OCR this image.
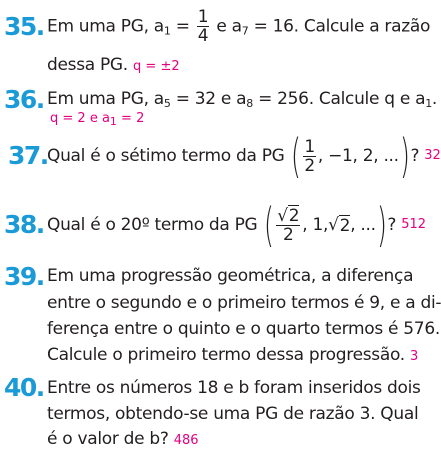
35. Em uma PG, $a_1 = \frac{1}{4}$ e $a_7 = 16$. Calcule a razão
dessa PG. q = ±2
36. Em uma PG, $a_5 = 32$ e $a_8 = 256$. Calcule q e $a_1$.
q = 2 e $a_1 = 2$
37. Qual é o sétimo termo da PG
( $\frac{1}{2}$ , −1, 2, ... ) ?
32
38. Qual é o 20º termo da PG
( $\frac{√2}{2}$ , 1, √ 2 , ... ) ?
512
39. Em uma progressão geométrica, a diferença
entre o segundo e o primeiro termos é 9, e a di-
ferença entre o quinto e o quarto termos é 576.
Calcule o primeiro termo dessa progressão. 3
40. Entre os números 18 e b foram inseridos dois
termos, obtendo-se uma PG de razão 3. Qual
é o valor de b? 486
